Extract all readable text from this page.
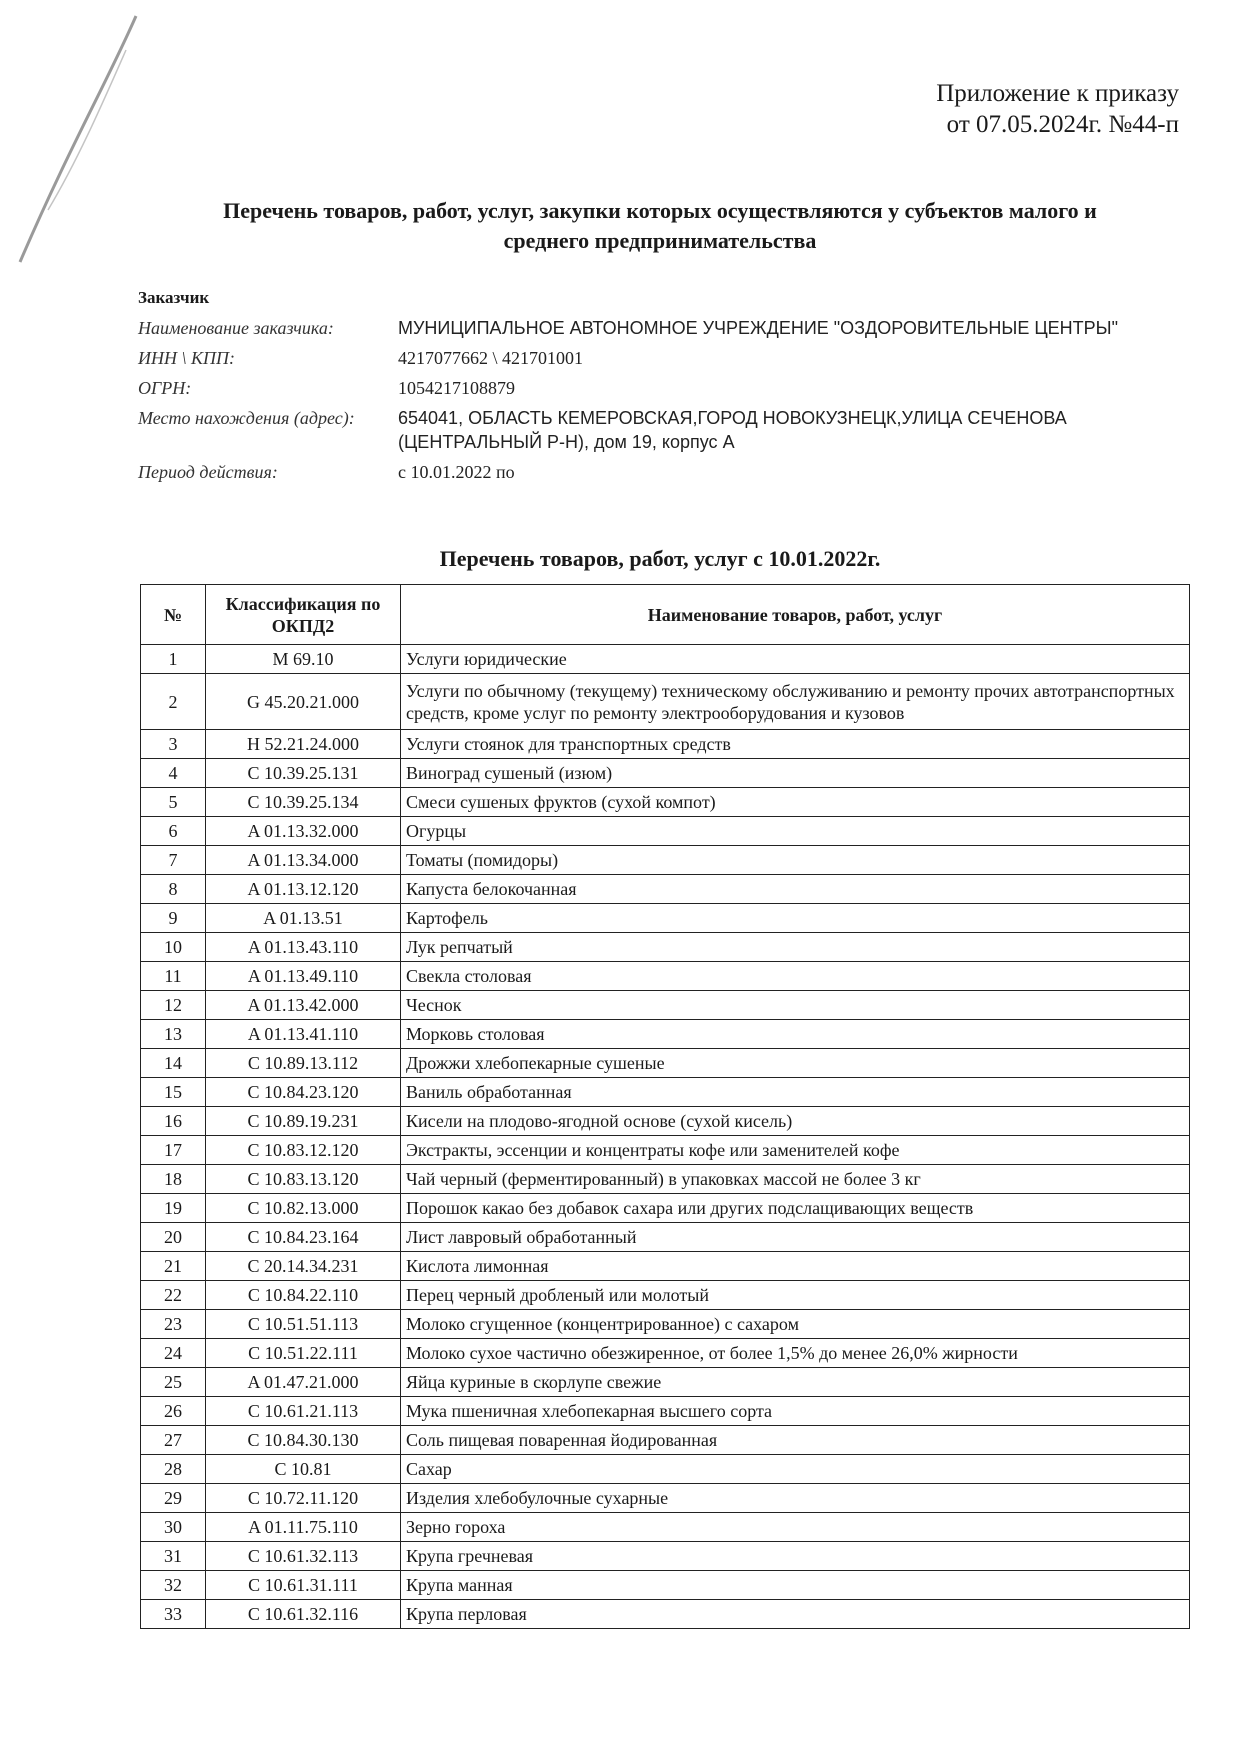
Приложение к приказу
от 07.05.2024г. №44-п
Перечень товаров, работ, услуг, закупки которых осуществляются у субъектов малого и
среднего предпринимательства
Заказчик
Наименование заказчика:	МУНИЦИПАЛЬНОЕ АВТОНОМНОЕ УЧРЕЖДЕНИЕ "ОЗДОРОВИТЕЛЬНЫЕ ЦЕНТРЫ"
ИНН \ КПП:	4217077662 \ 421701001
ОГРН:	1054217108879
Место нахождения (адрес):	654041, ОБЛАСТЬ КЕМЕРОВСКАЯ,ГОРОД НОВОКУЗНЕЦК,УЛИЦА СЕЧЕНОВА (ЦЕНТРАЛЬНЫЙ Р-Н), дом 19, корпус А
Период действия:	с 10.01.2022 по
Перечень товаров, работ, услуг с 10.01.2022г.
№	Классификация по ОКПД2	Наименование товаров, работ, услуг
1	M 69.10	Услуги юридические
2	G 45.20.21.000	Услуги по обычному (текущему) техническому обслуживанию и ремонту прочих автотранспортных средств, кроме услуг по ремонту электрооборудования и кузовов
3	H 52.21.24.000	Услуги стоянок для транспортных средств
4	C 10.39.25.131	Виноград сушеный (изюм)
5	C 10.39.25.134	Смеси сушеных фруктов (сухой компот)
6	A 01.13.32.000	Огурцы
7	A 01.13.34.000	Томаты (помидоры)
8	A 01.13.12.120	Капуста белокочанная
9	A 01.13.51	Картофель
10	A 01.13.43.110	Лук репчатый
11	A 01.13.49.110	Свекла столовая
12	A 01.13.42.000	Чеснок
13	A 01.13.41.110	Морковь столовая
14	C 10.89.13.112	Дрожжи хлебопекарные сушеные
15	C 10.84.23.120	Ваниль обработанная
16	C 10.89.19.231	Кисели на плодово-ягодной основе (сухой кисель)
17	C 10.83.12.120	Экстракты, эссенции и концентраты кофе или заменителей кофе
18	C 10.83.13.120	Чай черный (ферментированный) в упаковках массой не более 3 кг
19	C 10.82.13.000	Порошок какао без добавок сахара или других подслащивающих веществ
20	C 10.84.23.164	Лист лавровый обработанный
21	C 20.14.34.231	Кислота лимонная
22	C 10.84.22.110	Перец черный дробленый или молотый
23	C 10.51.51.113	Молоко сгущенное (концентрированное) с сахаром
24	C 10.51.22.111	Молоко сухое частично обезжиренное, от более 1,5% до менее 26,0% жирности
25	A 01.47.21.000	Яйца куриные в скорлупе свежие
26	C 10.61.21.113	Мука пшеничная хлебопекарная высшего сорта
27	C 10.84.30.130	Соль пищевая поваренная йодированная
28	C 10.81	Сахар
29	C 10.72.11.120	Изделия хлебобулочные сухарные
30	A 01.11.75.110	Зерно гороха
31	C 10.61.32.113	Крупа гречневая
32	C 10.61.31.111	Крупа манная
33	C 10.61.32.116	Крупа перловая
